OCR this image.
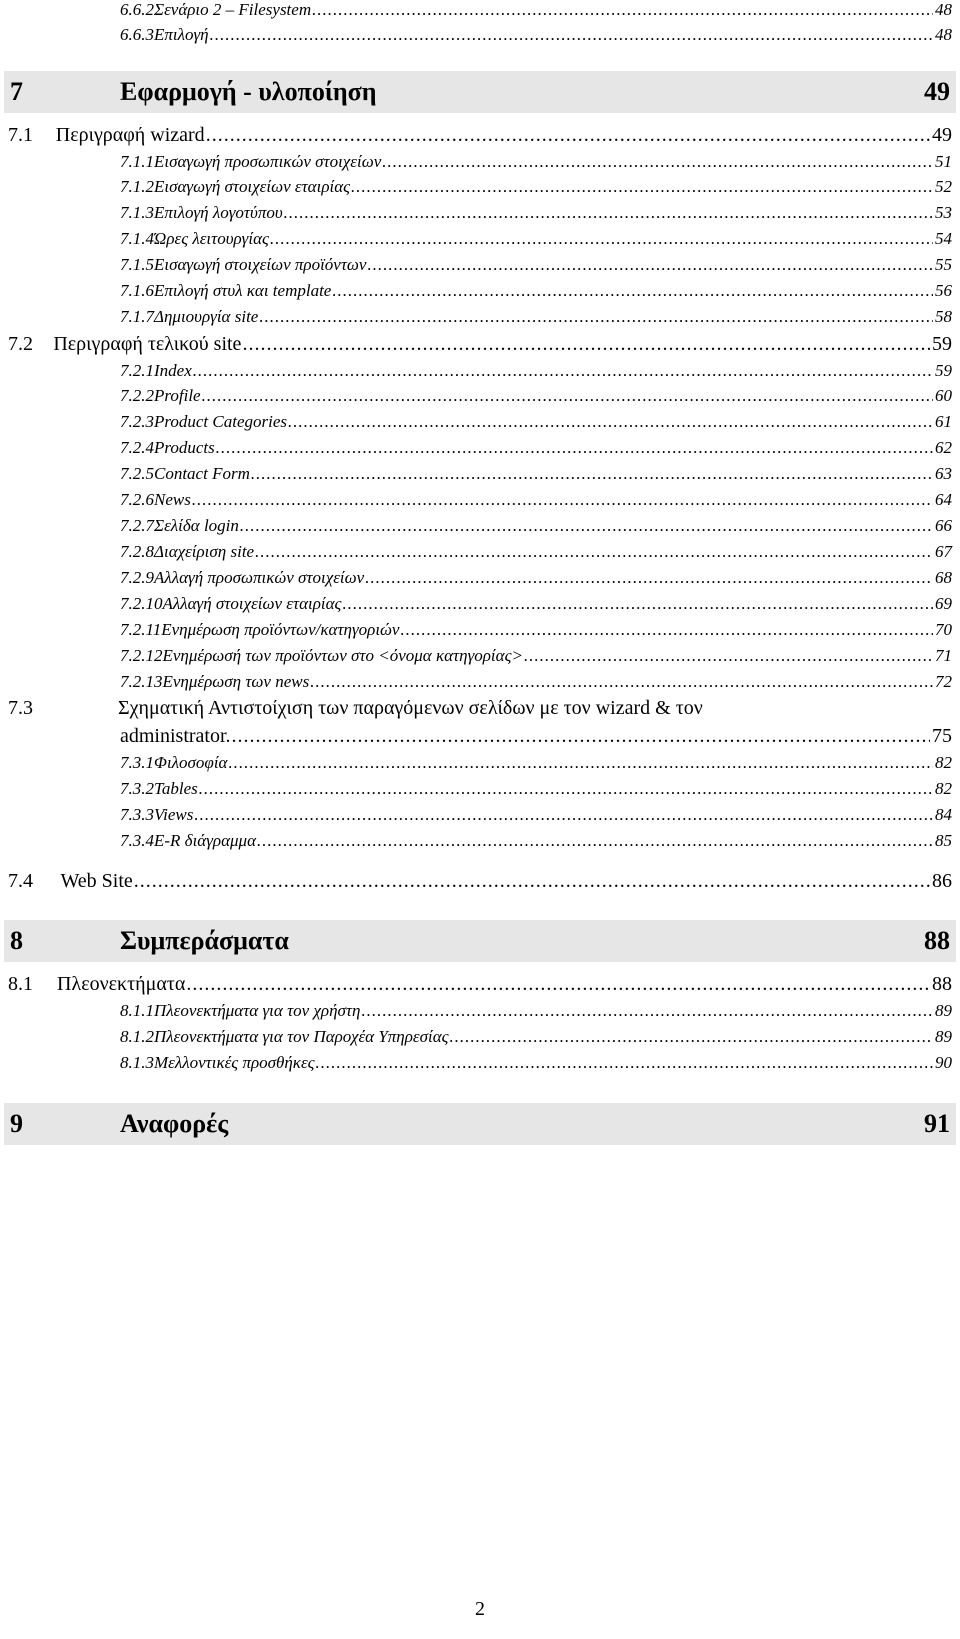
6.6.2Σενάριο 2 – Filesystem .....	48
6.6.3Επιλογή .....	48
7	Εφαρμογή - υλοποίηση	49
7.1	Περιγραφή wizard .....	49
7.1.1Εισαγωγή προσωπικών στοιχείων .....	51
7.1.2Εισαγωγή στοιχείων εταιρίας .....	52
7.1.3Επιλογή λογοτύπου .....	53
7.1.4Ώρες λειτουργίας .....	54
7.1.5Εισαγωγή στοιχείων προϊόντων .....	55
7.1.6Επιλογή στυλ και template .....	56
7.1.7Δημιουργία site .....	58
7.2	Περιγραφή τελικού site .....	59
7.2.1Index .....	59
7.2.2Profile .....	60
7.2.3Product Categories .....	61
7.2.4Products .....	62
7.2.5Contact Form .....	63
7.2.6News .....	64
7.2.7Σελίδα login .....	66
7.2.8Διαχείριση site .....	67
7.2.9Αλλαγή προσωπικών στοιχείων .....	68
7.2.10Αλλαγή στοιχείων εταιρίας .....	69
7.2.11Ενημέρωση προϊόντων/κατηγοριών .....	70
7.2.12Ενημέρωσή των προϊόντων στο <όνομα κατηγορίας> .....	71
7.2.13Ενημέρωση των news .....	72
7.3	Σχηματική Αντιστοίχιση των παραγόμενων σελίδων με τον wizard & τον
administrator. .....	75
7.3.1Φιλοσοφία .....	82
7.3.2Tables .....	82
7.3.3Views .....	84
7.3.4E-R διάγραμμα .....	85
7.4	Web Site .....	86
8	Συμπεράσματα	88
8.1	Πλεονεκτήματα .....	88
8.1.1Πλεονεκτήματα για τον χρήστη .....	89
8.1.2Πλεονεκτήματα για τον Παροχέα Υπηρεσίας .....	89
8.1.3Μελλοντικές προσθήκες .....	90
9	Αναφορές	91
2
